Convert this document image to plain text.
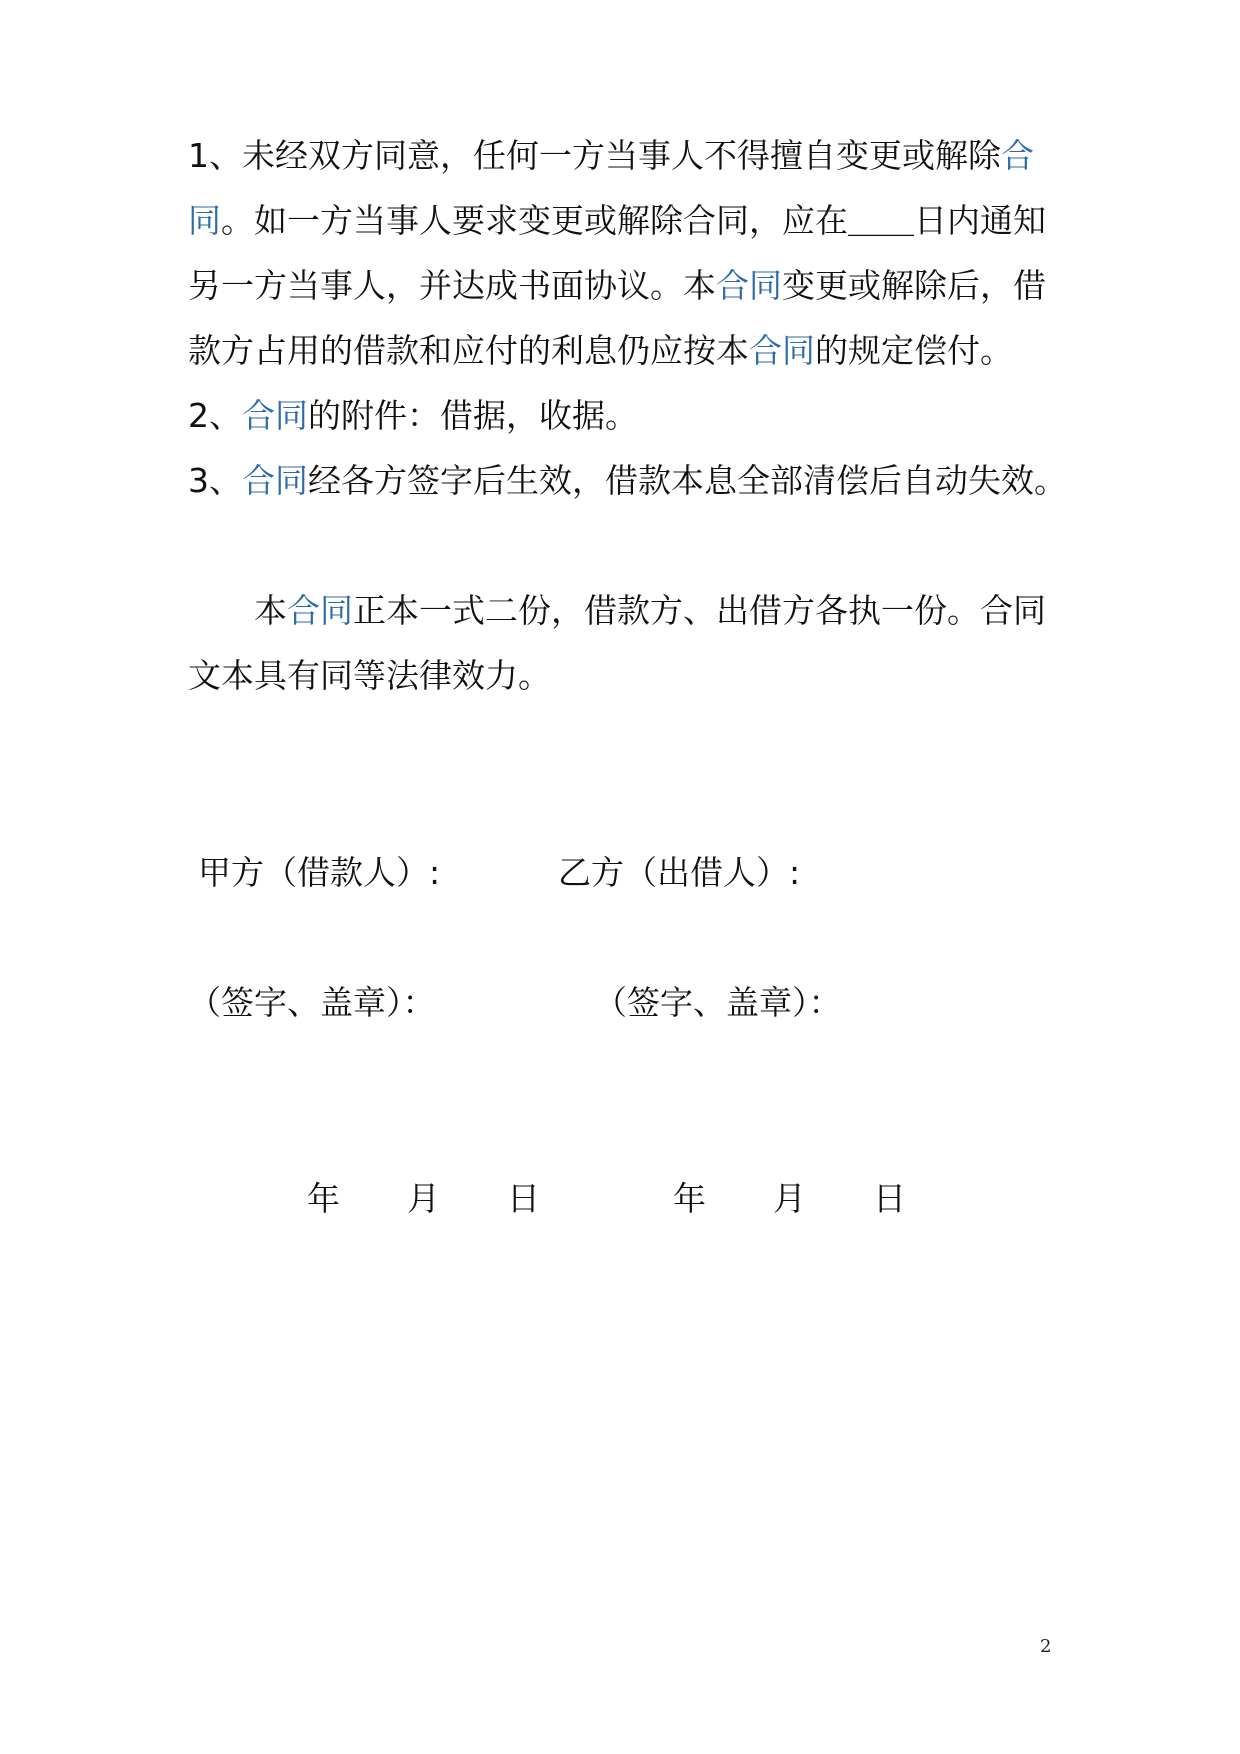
1、未经双方同意，任何一方当事人不得擅自变更或解除合
同。如一方当事人要求变更或解除合同，应在＿＿日内通知
另一方当事人，并达成书面协议。本合同变更或解除后，借
款方占用的借款和应付的利息仍应按本合同的规定偿付。
2、合同的附件：借据，收据。
3、合同经各方签字后生效，借款本息全部清偿后自动失效。
本合同正本一式二份，借款方、出借方各执一份。合同
文本具有同等法律效力。
甲方（借款人）:	乙方（出借人）:
（签字、盖章）：	（签字、盖章）：
年 月 日	年 月 日
2
